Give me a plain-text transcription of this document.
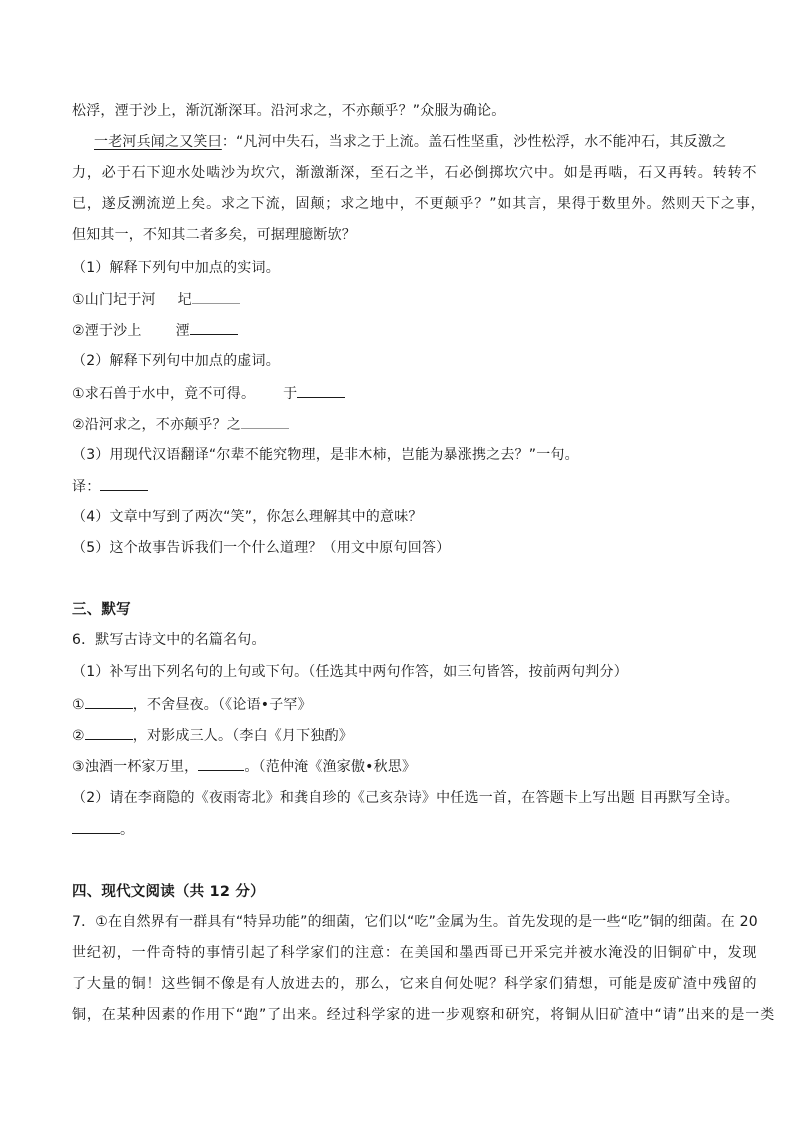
松浮，湮于沙上，渐沉渐深耳。沿河求之，不亦颠乎？”众服为确论。
一老河兵闻之又笑曰：“凡河中失石，当求之于上流。盖石性坚重，沙性松浮，水不能冲石，其反激之
力，必于石下迎水处啮沙为坎穴，渐激渐深，至石之半，石必倒掷坎穴中。如是再啮，石又再转。转转不
已，遂反溯流逆上矣。求之下流，固颠；求之地中，不更颠乎？”如其言，果得于数里外。然则天下之事，
但知其一，不知其二者多矣，可据理臆断欤？
（1）解释下列句中加点的实词。
①山门圮于河 圮
②湮于沙上 湮
（2）解释下列句中加点的虚词。
①求石兽于水中，竟不可得。 于
②沿河求之，不亦颠乎？之
（3）用现代汉语翻译“尔辈不能究物理，是非木柿，岂能为暴涨携之去？”一句。
译：
（4）文章中写到了两次“笑”，你怎么理解其中的意味？
（5）这个故事告诉我们一个什么道理？（用文中原句回答）
三、默写
6．默写古诗文中的名篇名句。
（1）补写出下列名句的上句或下句。（任选其中两句作答，如三句皆答，按前两句判分）
①	，不舍昼夜。（《论语•子罕》
②	，对影成三人。（李白《月下独酌》
③浊酒一杯家万里，	。（范仲淹《渔家傲•秋思》
（2）请在李商隐的《夜雨寄北》和龚自珍的《己亥杂诗》中任选一首，在答题卡上写出题 目再默写全诗。
。
四、现代文阅读（共 12 分）
7．①在自然界有一群具有“特异功能”的细菌，它们以“吃”金属为生。首先发现的是一些“吃”铜的细菌。在 20
世纪初，一件奇特的事情引起了科学家们的注意：在美国和墨西哥已开采完并被水淹没的旧铜矿中，发现
了大量的铜！这些铜不像是有人放进去的，那么，它来自何处呢？科学家们猜想，可能是废矿渣中残留的
铜，在某种因素的作用下“跑”了出来。经过科学家的进一步观察和研究，将铜从旧矿渣中“请”出来的是一类
